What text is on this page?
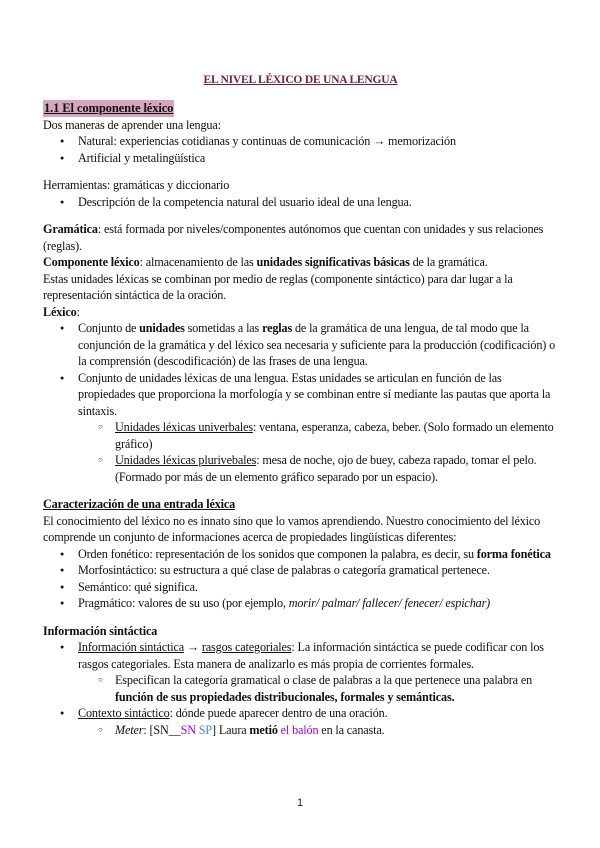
EL NIVEL LÉXICO DE UNA LENGUA

1.1 El componente léxico

Dos maneras de aprender una lengua:

● Natural: experiencias cotidianas y continuas de comunicación → memorización
● Artificial y metalingüística

Herramientas: gramáticas y diccionario

● Descripción de la competencia natural del usuario ideal de una lengua.

Gramática: está formada por niveles/componentes autónomos que cuentan con unidades y sus relaciones (reglas).

Componente léxico: almacenamiento de las unidades significativas básicas de la gramática.

Estas unidades léxicas se combinan por medio de reglas (componente sintáctico) para dar lugar a la representación sintáctica de la oración.

Léxico:

● Conjunto de unidades sometidas a las reglas de la gramática de una lengua, de tal modo que la conjunción de la gramática y del léxico sea necesaria y suficiente para la producción (codificación) o la comprensión (descodificación) de las frases de una lengua.
● Conjunto de unidades léxicas de una lengua. Estas unidades se articulan en función de las propiedades que proporciona la morfología y se combinan entre sí mediante las pautas que aporta la sintaxis.
○ Unidades léxicas univerbales: ventana, esperanza, cabeza, beber. (Solo formado un elemento gráfico)
○ Unidades léxicas plurivebales: mesa de noche, ojo de buey, cabeza rapado, tomar el pelo. (Formado por más de un elemento gráfico separado por un espacio).

Caracterización de una entrada léxica

El conocimiento del léxico no es innato sino que lo vamos aprendiendo. Nuestro conocimiento del léxico comprende un conjunto de informaciones acerca de propiedades lingüísticas diferentes:

● Orden fonético: representación de los sonidos que componen la palabra, es decir, su forma fonética
● Morfosintáctico: su estructura a qué clase de palabras o categoría gramatical pertenece.
● Semántico: qué significa.
● Pragmático: valores de su uso (por ejemplo, morir/ palmar/ fallecer/ fenecer/ espichar)

Información sintáctica

● Información sintáctica → rasgos categoriales: La información sintáctica se puede codificar con los rasgos categoriales. Esta manera de analizarlo es más propia de corrientes formales.
○ Especifican la categoría gramatical o clase de palabras a la que pertenece una palabra en función de sus propiedades distribucionales, formales y semánticas.
● Contexto sintáctico: dónde puede aparecer dentro de una oración.
○ Meter: [SN__SN SP] Laura metió el balón en la canasta.
1
